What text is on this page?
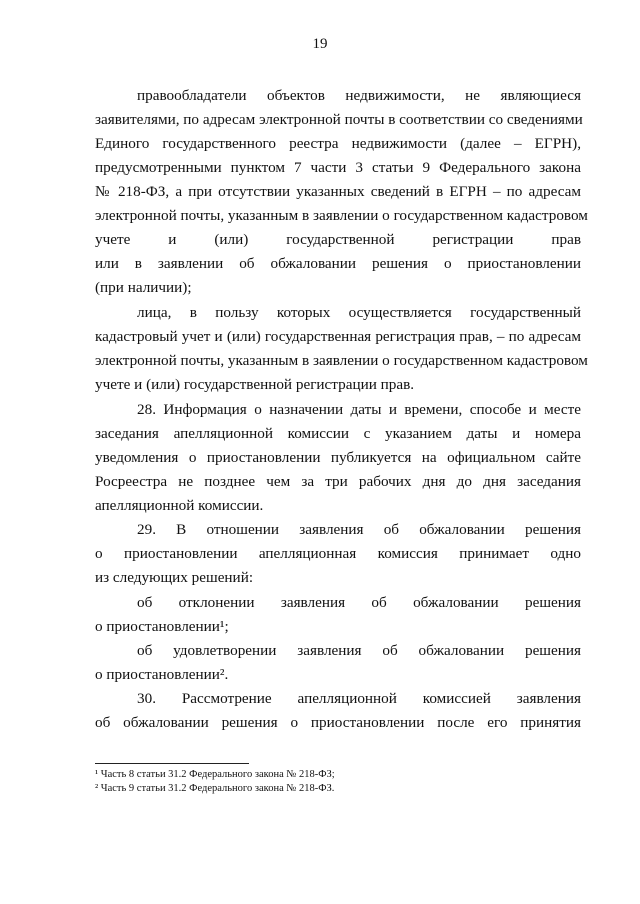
19
правообладатели объектов недвижимости, не являющиеся
заявителями, по адресам электронной почты в соответствии со сведениями
Единого государственного реестра недвижимости (далее – ЕГРН),
предусмотренными пунктом 7 части 3 статьи 9 Федерального закона
№ 218-ФЗ, а при отсутствии указанных сведений в ЕГРН – по адресам
электронной почты, указанным в заявлении о государственном кадастровом
учете и (или) государственной регистрации прав
или в заявлении об обжаловании решения о приостановлении
(при наличии);
лица, в пользу которых осуществляется государственный
кадастровый учет и (или) государственная регистрация прав, – по адресам
электронной почты, указанным в заявлении о государственном кадастровом
учете и (или) государственной регистрации прав.
28. Информация о назначении даты и времени, способе и месте
заседания апелляционной комиссии с указанием даты и номера
уведомления о приостановлении публикуется на официальном сайте
Росреестра не позднее чем за три рабочих дня до дня заседания
апелляционной комиссии.
29. В отношении заявления об обжаловании решения
о приостановлении апелляционная комиссия принимает одно
из следующих решений:
об отклонении заявления об обжаловании решения
о приостановлении¹;
об удовлетворении заявления об обжаловании решения
о приостановлении².
30. Рассмотрение апелляционной комиссией заявления
об обжаловании решения о приостановлении после его принятия
¹ Часть 8 статьи 31.2 Федерального закона № 218-ФЗ;
² Часть 9 статьи 31.2 Федерального закона № 218-ФЗ.
